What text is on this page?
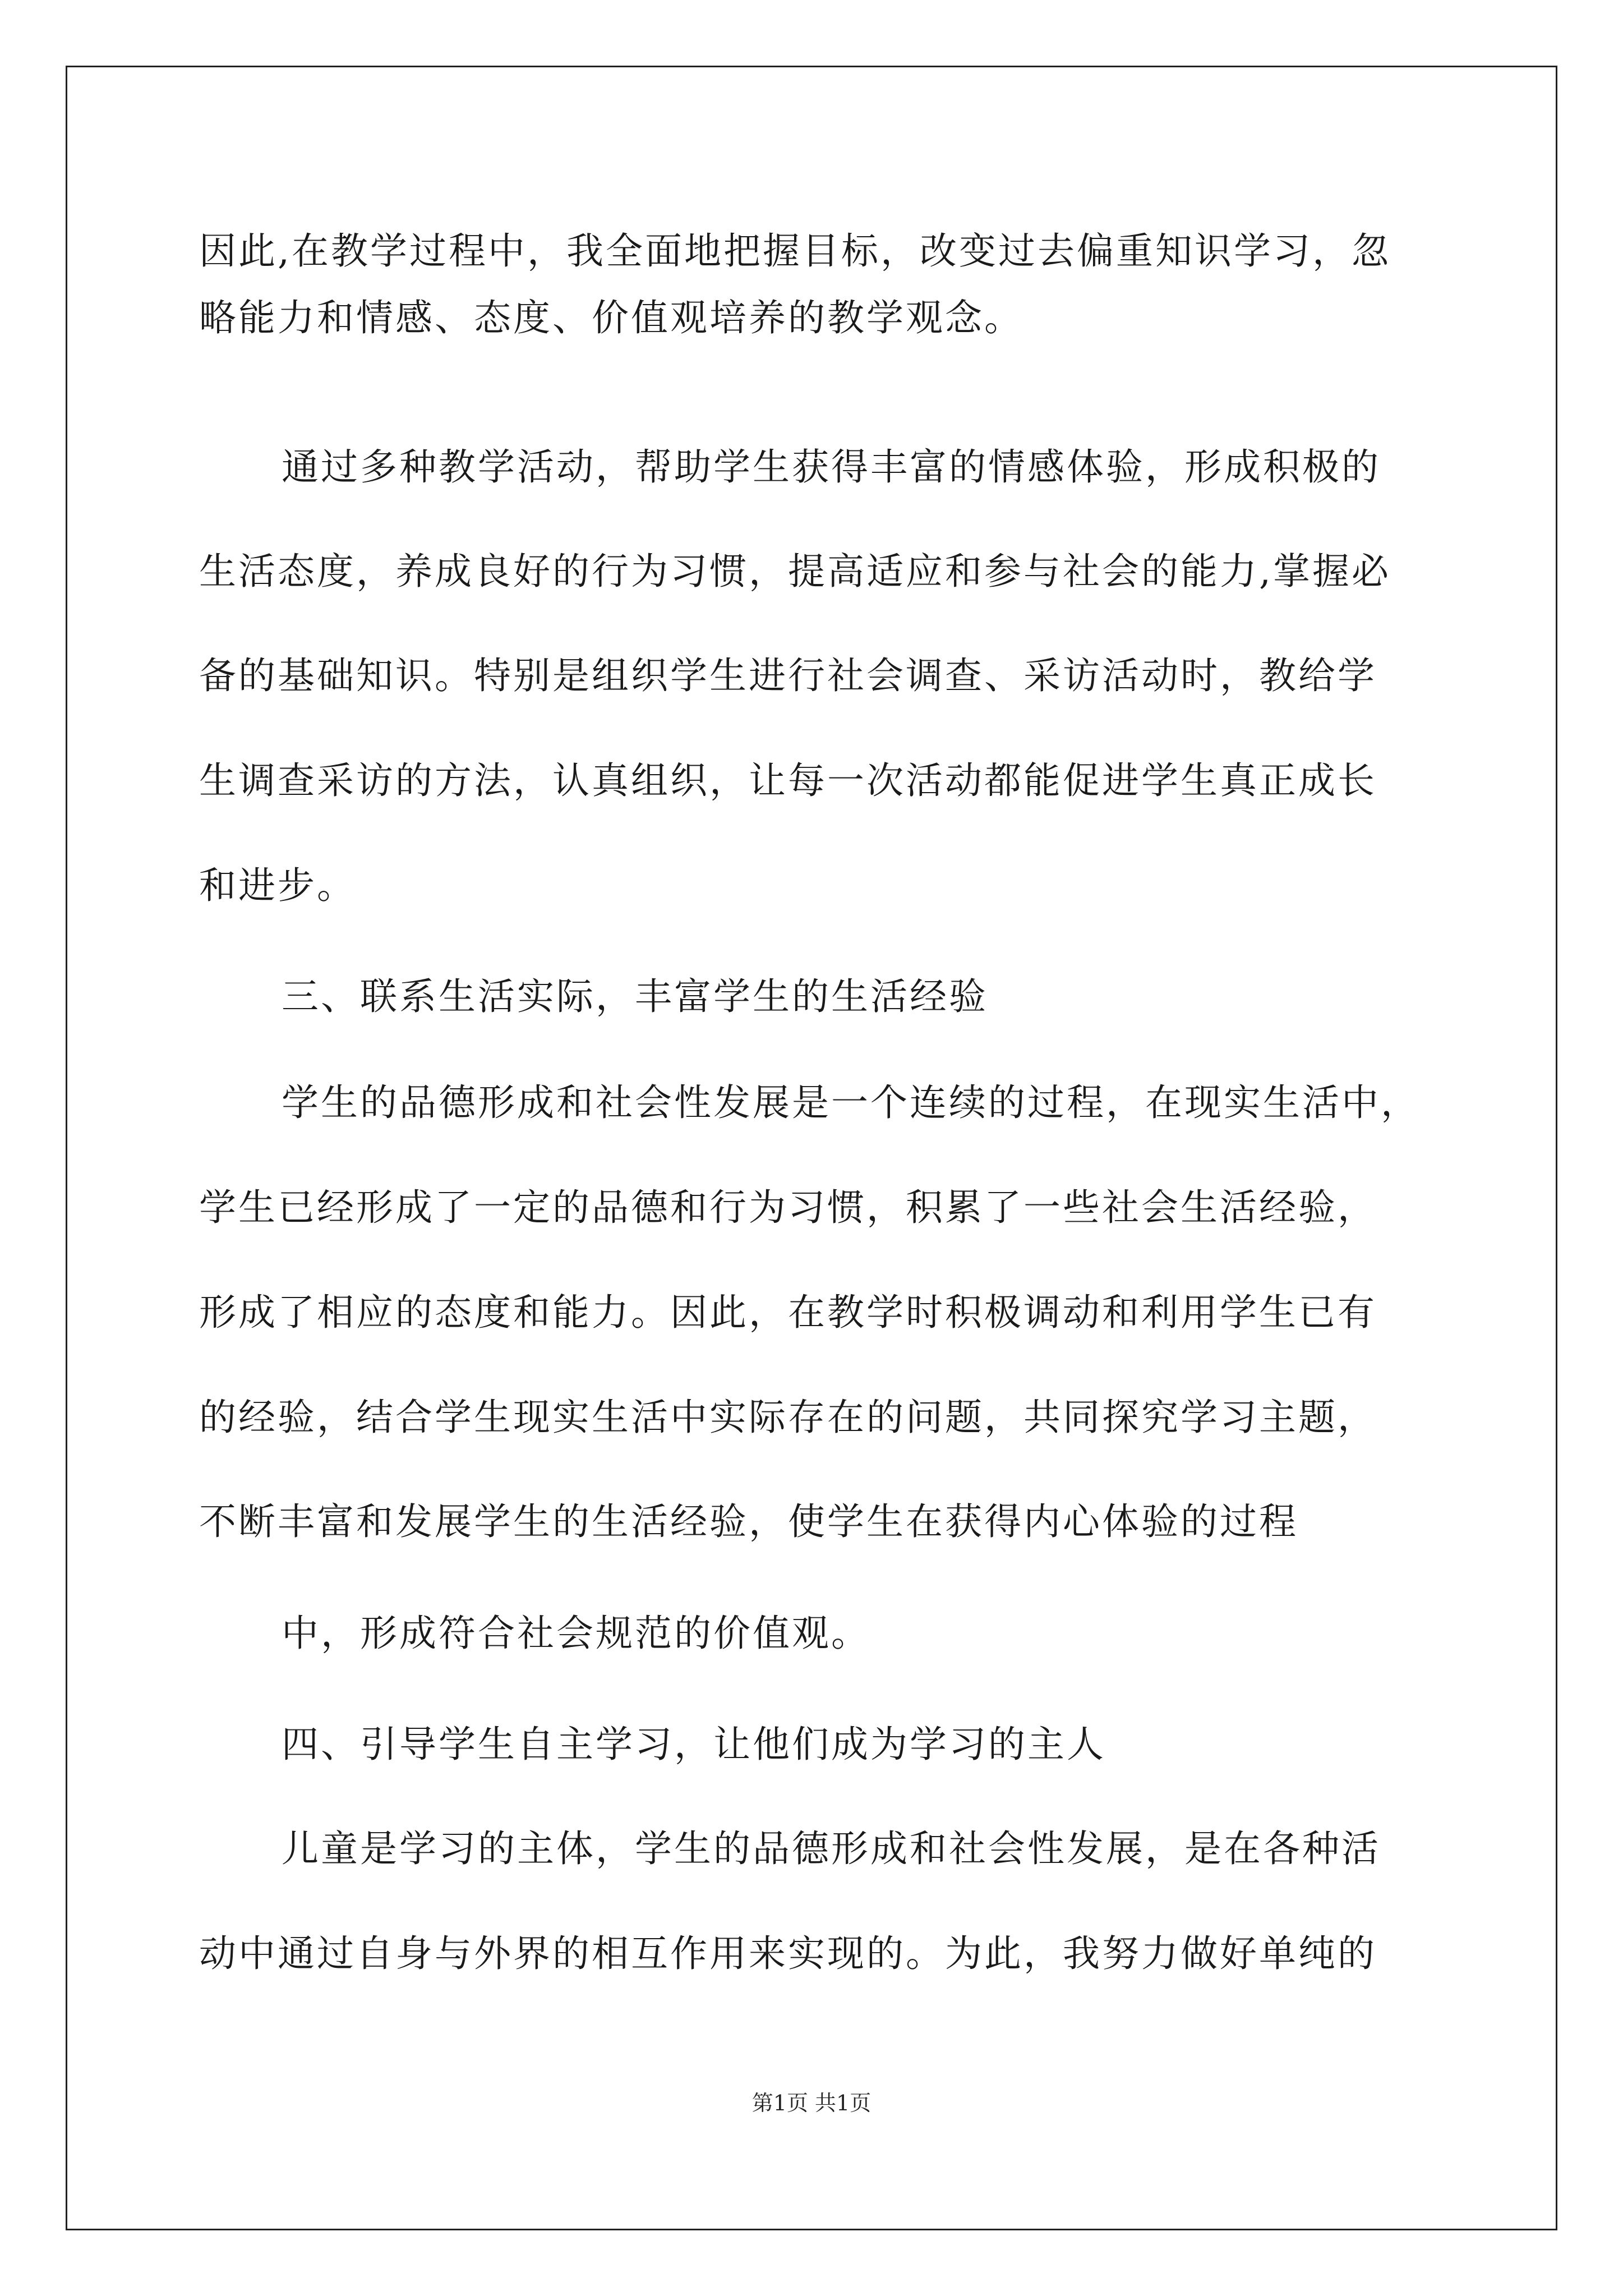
因此,在教学过程中，我全面地把握目标，改变过去偏重知识学习，忽
略能力和情感、态度、价值观培养的教学观念。
通过多种教学活动，帮助学生获得丰富的情感体验，形成积极的
生活态度，养成良好的行为习惯，提高适应和参与社会的能力,掌握必
备的基础知识。特别是组织学生进行社会调查、采访活动时，教给学
生调查采访的方法，认真组织，让每一次活动都能促进学生真正成长
和进步。
三、联系生活实际，丰富学生的生活经验
学生的品德形成和社会性发展是一个连续的过程，在现实生活中，
学生已经形成了一定的品德和行为习惯，积累了一些社会生活经验，
形成了相应的态度和能力。因此，在教学时积极调动和利用学生已有
的经验，结合学生现实生活中实际存在的问题，共同探究学习主题，
不断丰富和发展学生的生活经验，使学生在获得内心体验的过程
中，形成符合社会规范的价值观。
四、引导学生自主学习，让他们成为学习的主人
儿童是学习的主体，学生的品德形成和社会性发展，是在各种活
动中通过自身与外界的相互作用来实现的。为此，我努力做好单纯的
第1页 共1页
